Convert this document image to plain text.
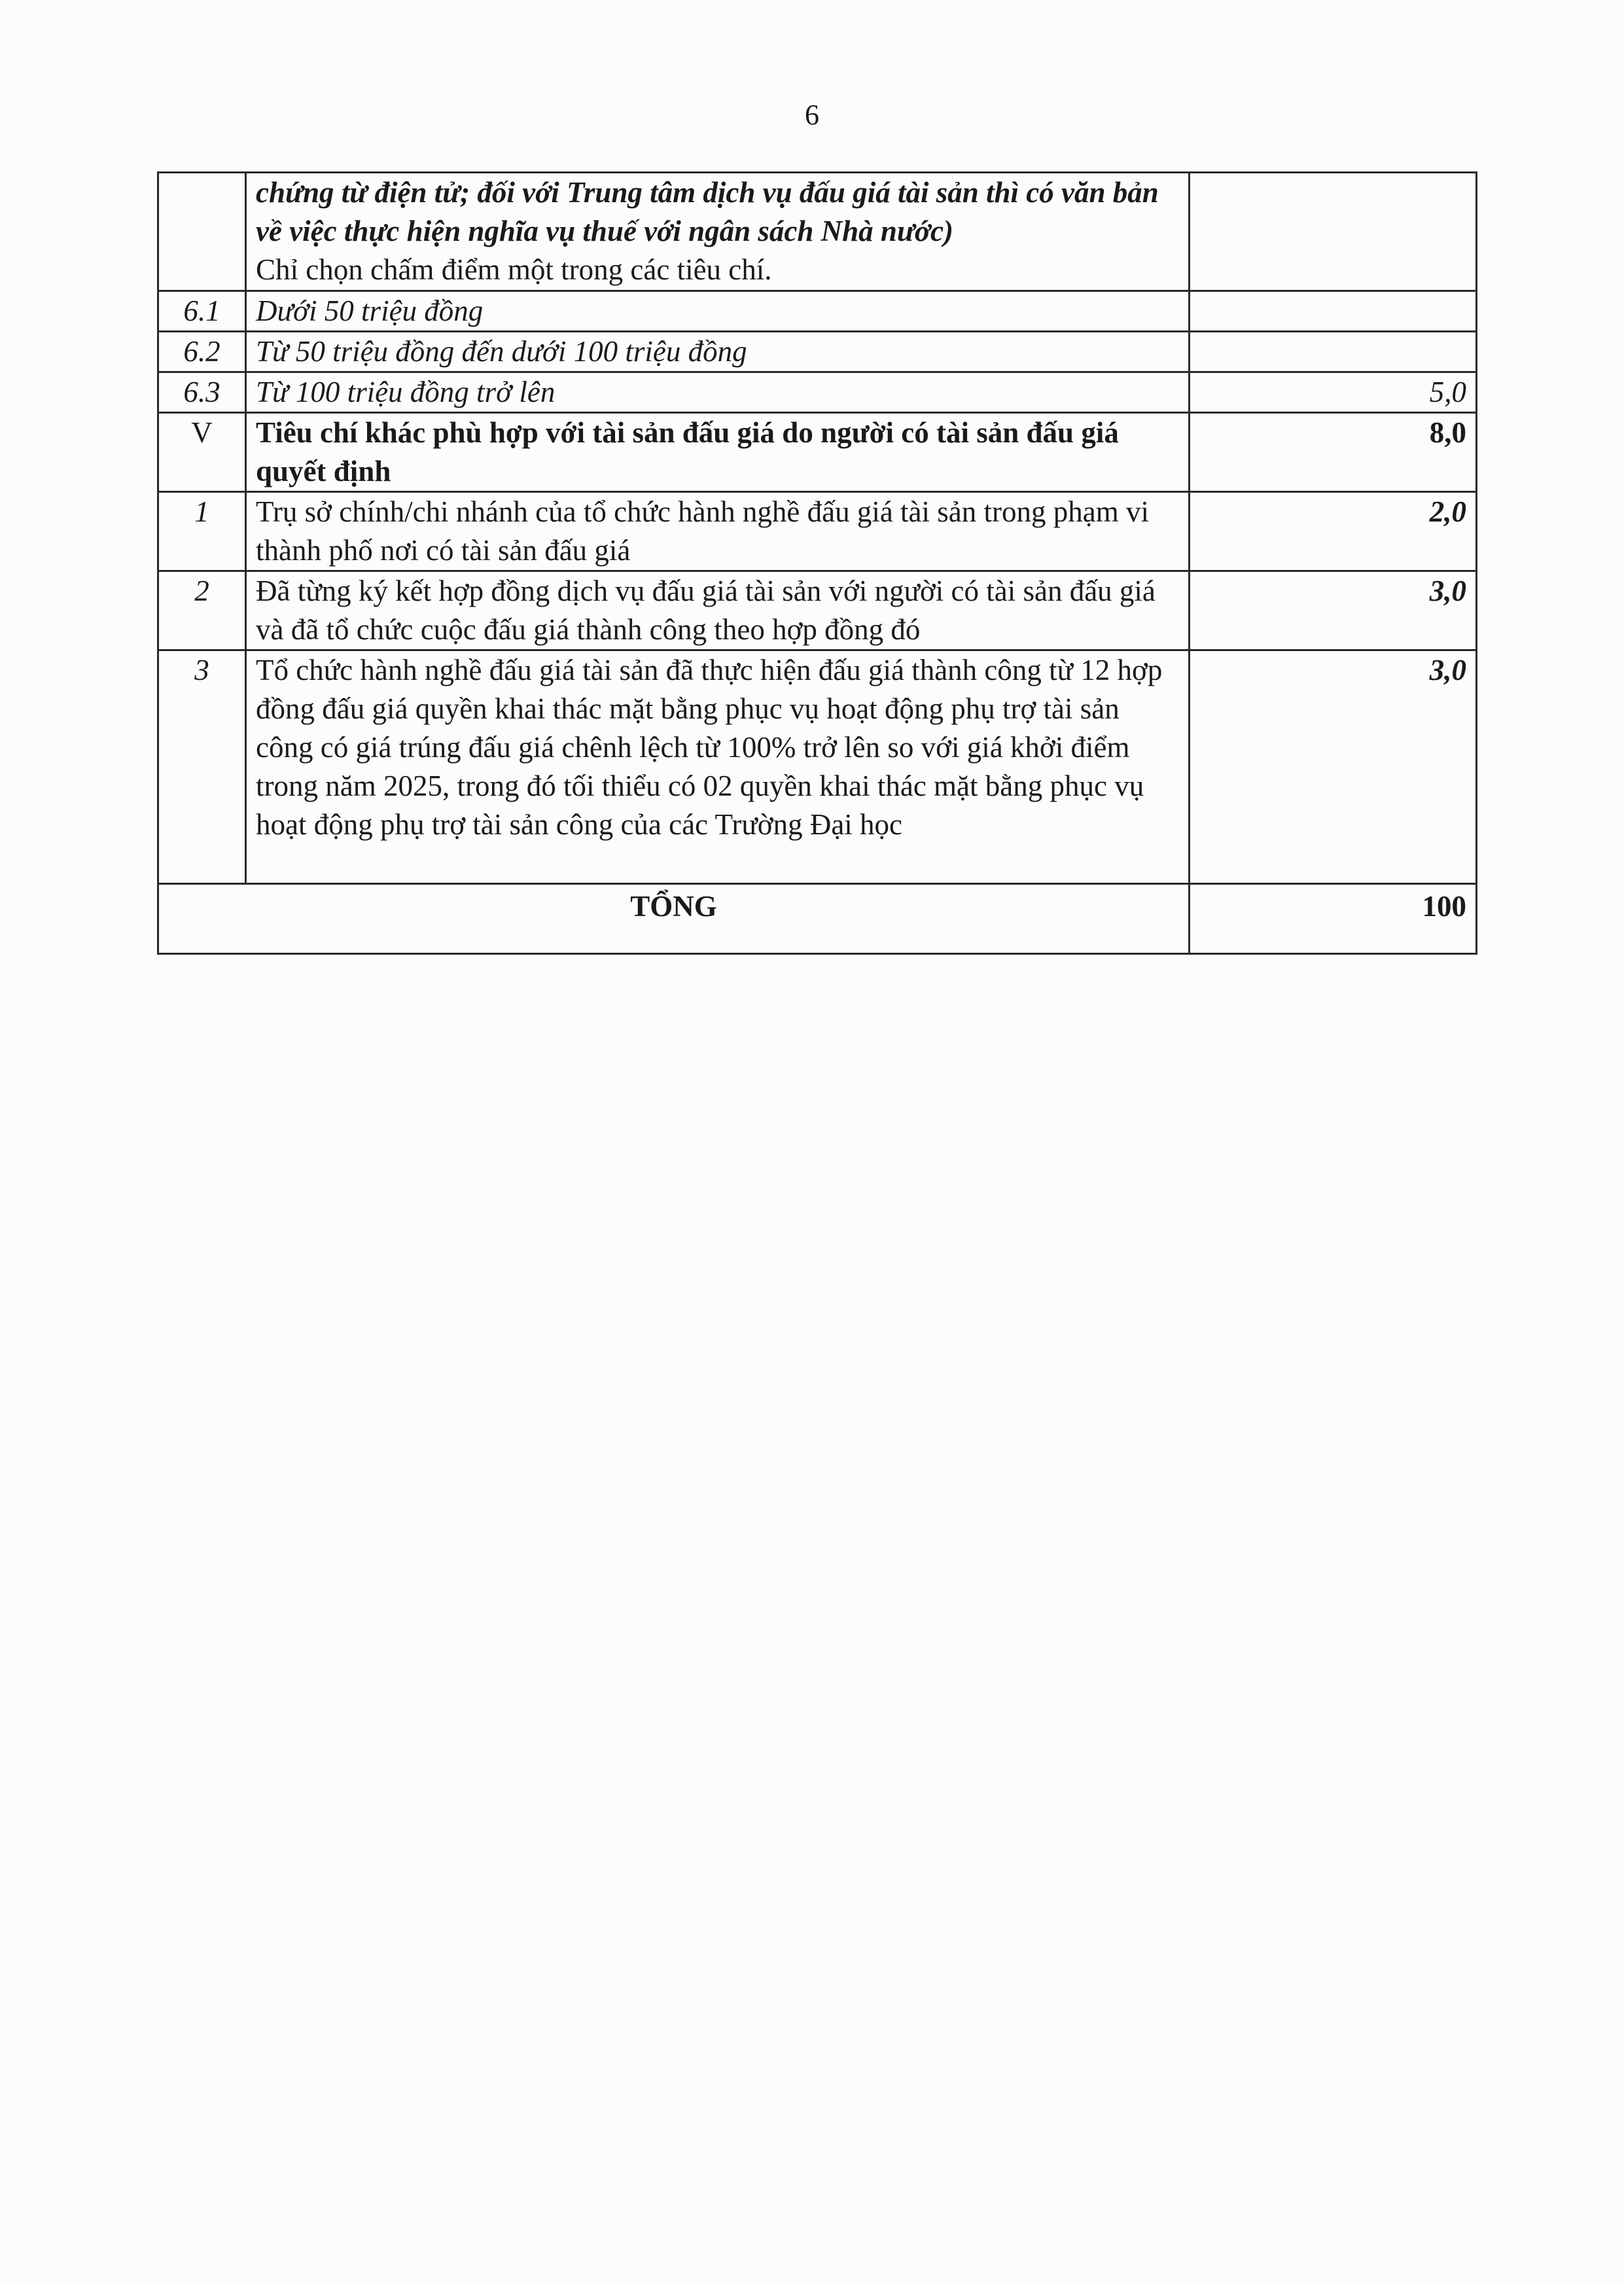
6

	chứng từ điện tử; đối với Trung tâm dịch vụ đấu giá tài sản thì có văn bản về việc thực hiện nghĩa vụ thuế với ngân sách Nhà nước)
Chỉ chọn chấm điểm một trong các tiêu chí.	

6.1	Dưới 50 triệu đồng	
6.2	Từ 50 triệu đồng đến dưới 100 triệu đồng	
6.3	Từ 100 triệu đồng trở lên	5,0
V	Tiêu chí khác phù hợp với tài sản đấu giá do người có tài sản đấu giá quyết định	8,0
1	Trụ sở chính/chi nhánh của tổ chức hành nghề đấu giá tài sản trong phạm vi thành phố nơi có tài sản đấu giá	2,0
2	Đã từng ký kết hợp đồng dịch vụ đấu giá tài sản với người có tài sản đấu giá và đã tổ chức cuộc đấu giá thành công theo hợp đồng đó	3,0
3	Tổ chức hành nghề đấu giá tài sản đã thực hiện đấu giá thành công từ 12 hợp đồng đấu giá quyền khai thác mặt bằng phục vụ hoạt động phụ trợ tài sản công có giá trúng đấu giá chênh lệch từ 100% trở lên so với giá khởi điểm trong năm 2025, trong đó tối thiểu có 02 quyền khai thác mặt bằng phục vụ hoạt động phụ trợ tài sản công của các Trường Đại học	3,0
TỔNG		100
